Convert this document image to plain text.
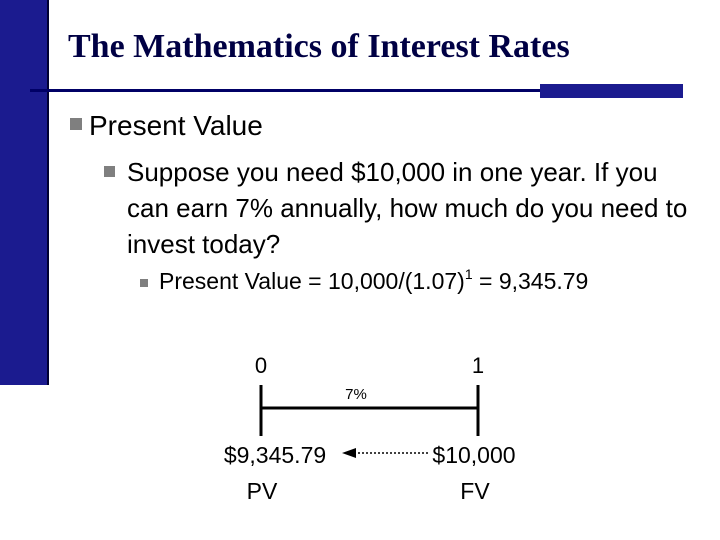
The Mathematics of Interest Rates
Present Value
Suppose you need $10,000 in one year. If you can earn 7% annually, how much do you need to invest today?
Present Value = $10,000/(1.07)^1 = 9,345.79$
0	1
7%
$9,345.79	$10,000
PV	FV
